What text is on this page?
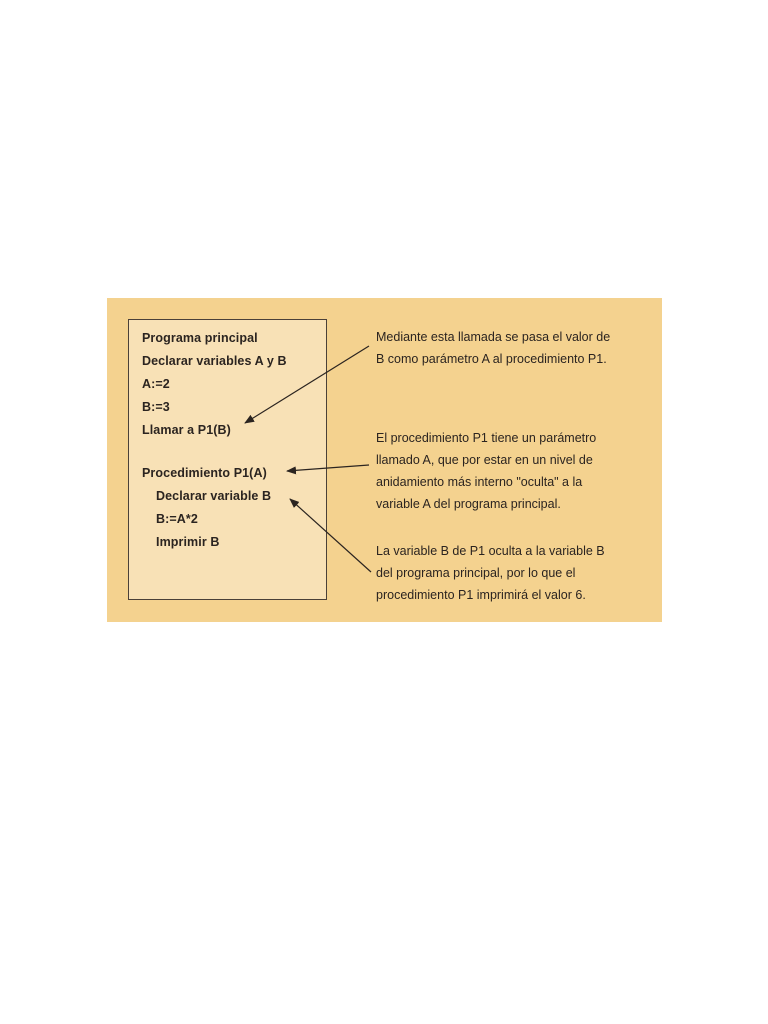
Programa principal
Declarar variables A y B
A:=2
B:=3
Llamar a P1(B)
Procedimiento P1(A)
Declarar variable B
B:=A*2
Imprimir B
Mediante esta llamada se pasa el valor de
B como parámetro A al procedimiento P1.
El procedimiento P1 tiene un parámetro
llamado A, que por estar en un nivel de
anidamiento más interno "oculta" a la
variable A del programa principal.
La variable B de P1 oculta a la variable B
del programa principal, por lo que el
procedimiento P1 imprimirá el valor 6.
